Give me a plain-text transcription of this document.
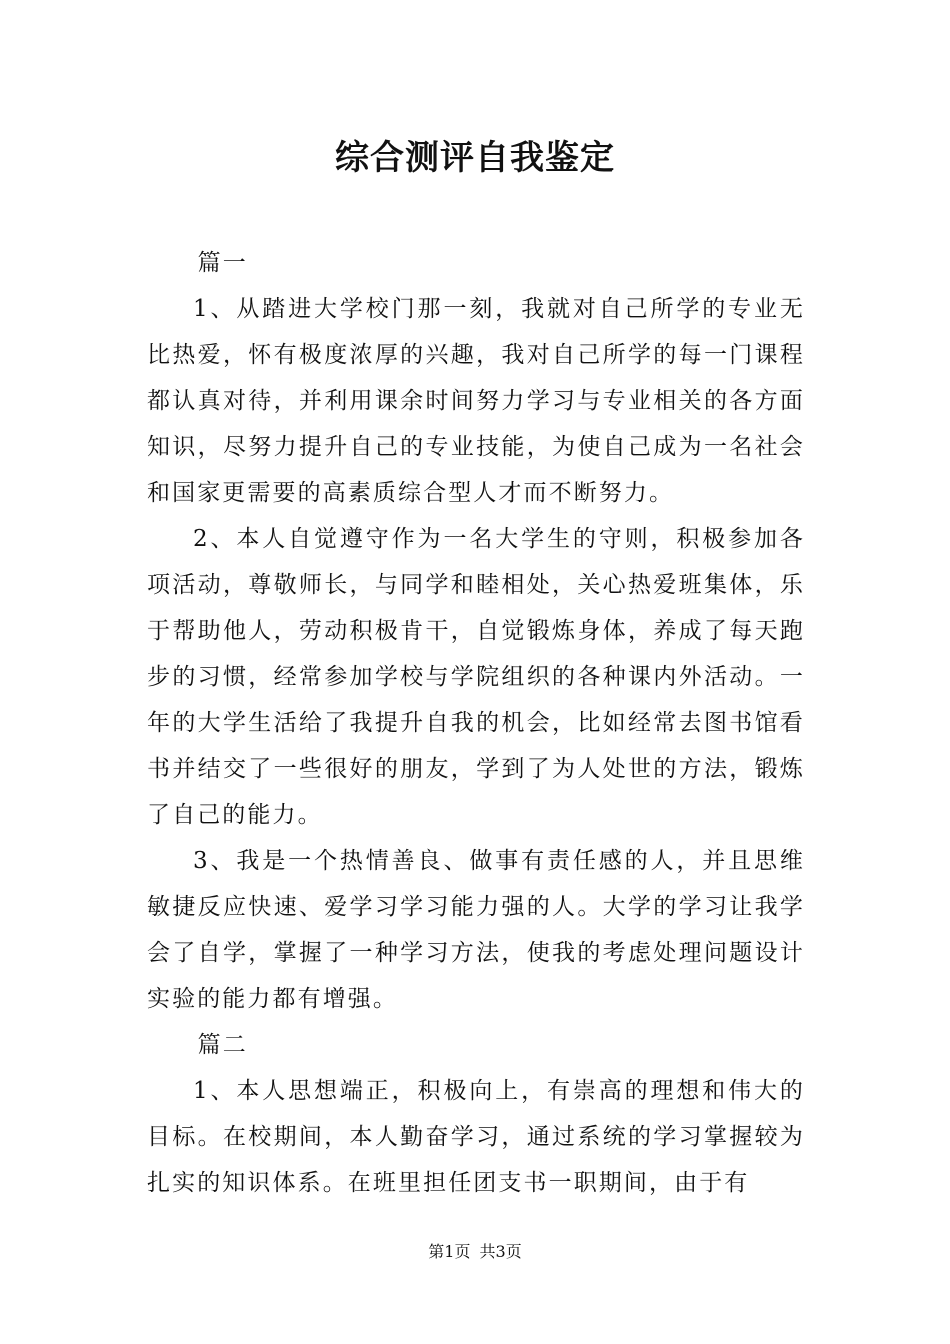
综合测评自我鉴定

篇一

1、从踏进大学校门那一刻，我就对自己所学的专业无比热爱，怀有极度浓厚的兴趣，我对自己所学的每一门课程都认真对待，并利用课余时间努力学习与专业相关的各方面知识，尽努力提升自己的专业技能，为使自己成为一名社会和国家更需要的高素质综合型人才而不断努力。

2、本人自觉遵守作为一名大学生的守则，积极参加各项活动，尊敬师长，与同学和睦相处，关心热爱班集体，乐于帮助他人，劳动积极肯干，自觉锻炼身体，养成了每天跑步的习惯，经常参加学校与学院组织的各种课内外活动。一年的大学生活给了我提升自我的机会，比如经常去图书馆看书并结交了一些很好的朋友，学到了为人处世的方法，锻炼了自己的能力。

3、我是一个热情善良、做事有责任感的人，并且思维敏捷反应快速、爱学习学习能力强的人。大学的学习让我学会了自学，掌握了一种学习方法，使我的考虑处理问题设计实验的能力都有增强。

篇二

1、本人思想端正，积极向上，有崇高的理想和伟大的目标。在校期间，本人勤奋学习，通过系统的学习掌握较为扎实的知识体系。在班里担任团支书一职期间，由于有

第1页 共3页
